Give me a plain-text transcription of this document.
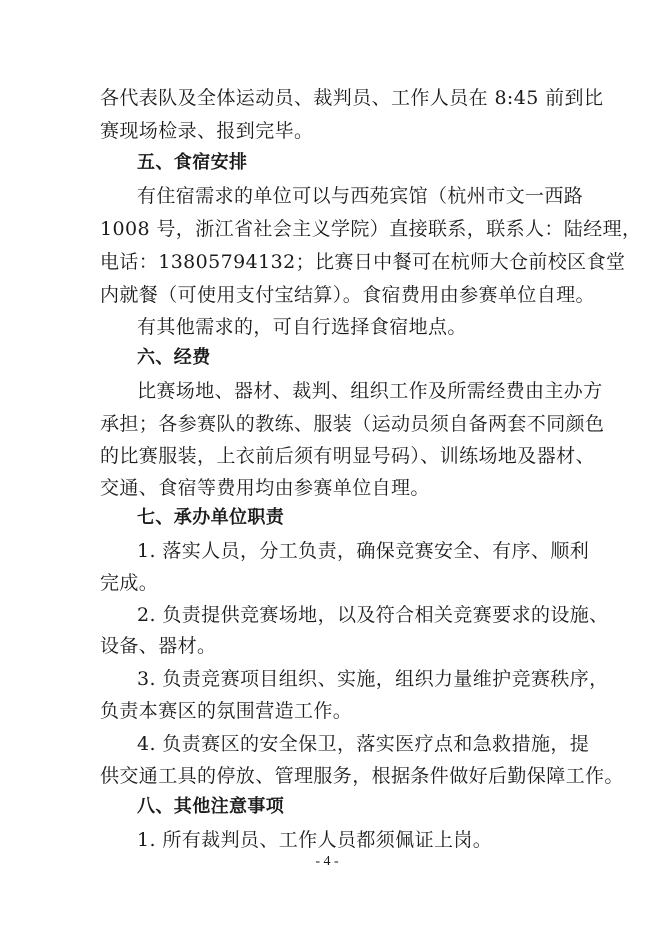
各代表队及全体运动员、裁判员、工作人员在 8:45 前到比
赛现场检录、报到完毕。
五、食宿安排
有住宿需求的单位可以与西苑宾馆（杭州市文一西路
1008 号，浙江省社会主义学院）直接联系，联系人：陆经理，
电话：13805794132；比赛日中餐可在杭师大仓前校区食堂
内就餐（可使用支付宝结算）。食宿费用由参赛单位自理。
有其他需求的，可自行选择食宿地点。
六、经费
比赛场地、器材、裁判、组织工作及所需经费由主办方
承担；各参赛队的教练、服装（运动员须自备两套不同颜色
的比赛服装，上衣前后须有明显号码）、训练场地及器材、
交通、食宿等费用均由参赛单位自理。
七、承办单位职责
1. 落实人员，分工负责，确保竞赛安全、有序、顺利
完成。
2. 负责提供竞赛场地，以及符合相关竞赛要求的设施、
设备、器材。
3. 负责竞赛项目组织、实施，组织力量维护竞赛秩序，
负责本赛区的氛围营造工作。
4. 负责赛区的安全保卫，落实医疗点和急救措施，提
供交通工具的停放、管理服务，根据条件做好后勤保障工作。
八、其他注意事项
1. 所有裁判员、工作人员都须佩证上岗。
- 4 -
